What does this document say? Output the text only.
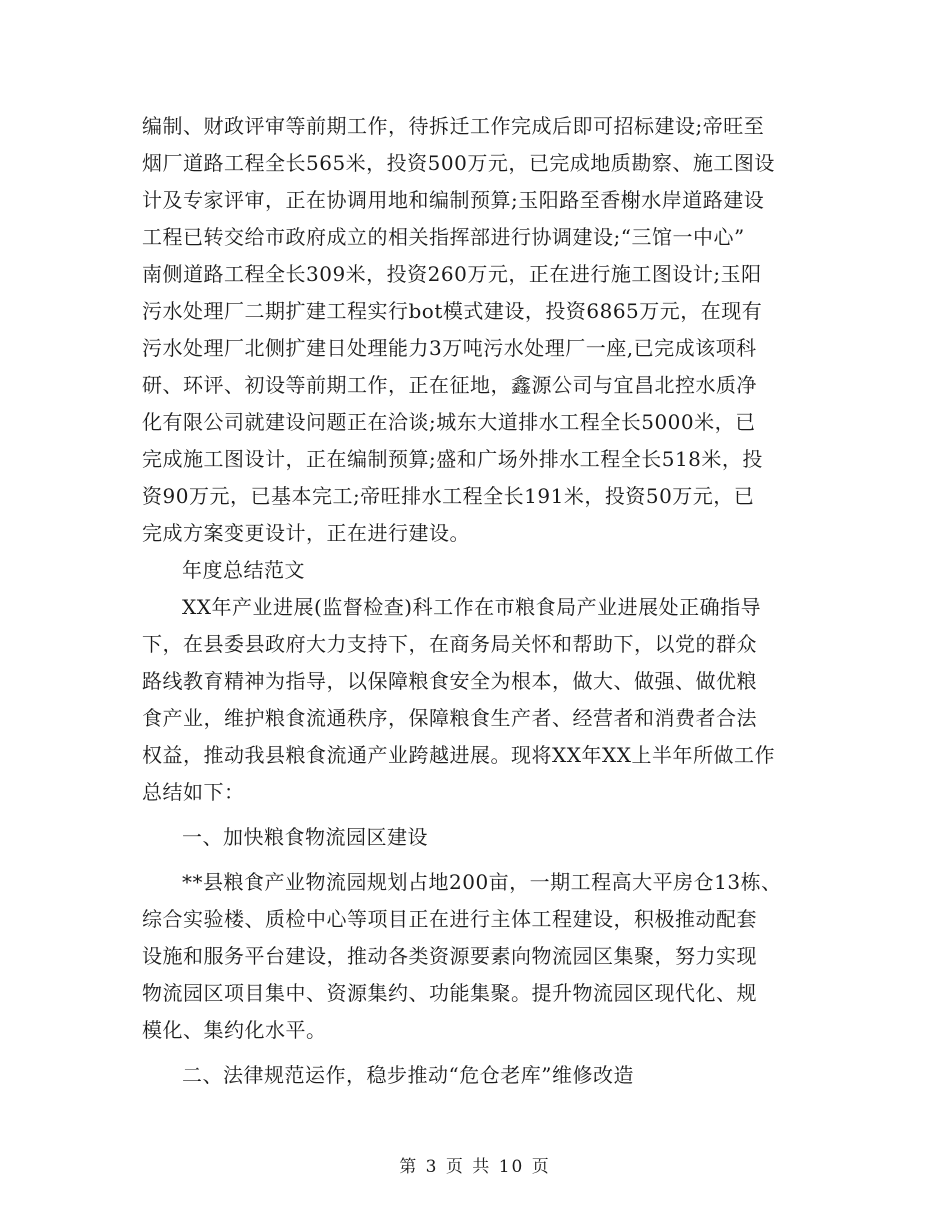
编制、财政评审等前期工作，待拆迁工作完成后即可招标建设;帝旺至
烟厂道路工程全长565米，投资500万元，已完成地质勘察、施工图设
计及专家评审，正在协调用地和编制预算;玉阳路至香榭水岸道路建设
工程已转交给市政府成立的相关指挥部进行协调建设;“三馆一中心”
南侧道路工程全长309米，投资260万元，正在进行施工图设计;玉阳
污水处理厂二期扩建工程实行bot模式建设，投资6865万元，在现有
污水处理厂北侧扩建日处理能力3万吨污水处理厂一座,已完成该项科
研、环评、初设等前期工作，正在征地，鑫源公司与宜昌北控水质净
化有限公司就建设问题正在洽谈;城东大道排水工程全长5000米，已
完成施工图设计，正在编制预算;盛和广场外排水工程全长518米，投
资90万元，已基本完工;帝旺排水工程全长191米，投资50万元，已
完成方案变更设计，正在进行建设。
年度总结范文
XX年产业进展(监督检查)科工作在市粮食局产业进展处正确指导
下，在县委县政府大力支持下，在商务局关怀和帮助下，以党的群众
路线教育精神为指导，以保障粮食安全为根本，做大、做强、做优粮
食产业，维护粮食流通秩序，保障粮食生产者、经营者和消费者合法
权益，推动我县粮食流通产业跨越进展。现将XX年XX上半年所做工作
总结如下：
一、加快粮食物流园区建设
**县粮食产业物流园规划占地200亩，一期工程高大平房仓13栋、
综合实验楼、质检中心等项目正在进行主体工程建设，积极推动配套
设施和服务平台建设，推动各类资源要素向物流园区集聚，努力实现
物流园区项目集中、资源集约、功能集聚。提升物流园区现代化、规
模化、集约化水平。
二、法律规范运作，稳步推动“危仓老库”维修改造
第 3 页 共 10 页
